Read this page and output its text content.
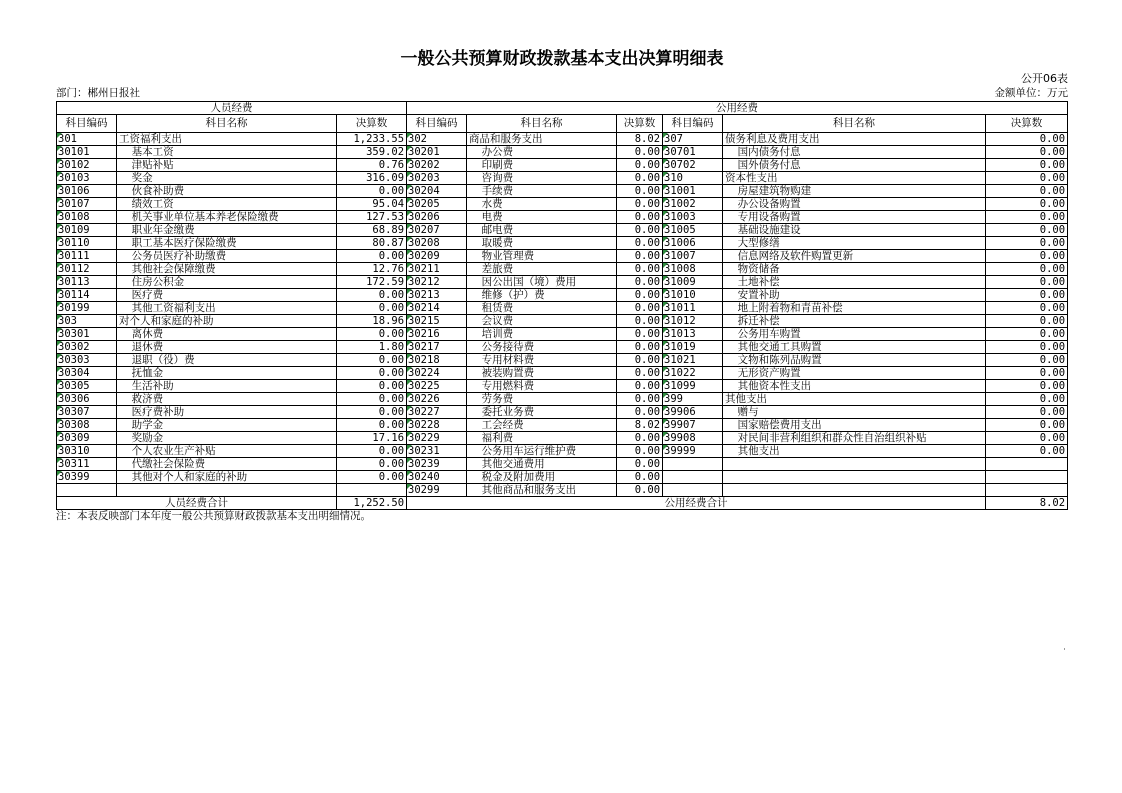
一般公共预算财政拨款基本支出决算明细表
公开06表
部门：郴州日报社	金额单位：万元
人员经费			公用经费					
科目编码	科目名称	决算数	科目编码	科目名称	决算数	科目编码	科目名称	决算数
301	工资福利支出	1,233.55	302	商品和服务支出	8.02	307	债务利息及费用支出	0.00
30101	基本工资	359.02	30201	办公费	0.00	30701	国内债务付息	0.00
30102	津贴补贴	0.76	30202	印刷费	0.00	30702	国外债务付息	0.00
30103	奖金	316.09	30203	咨询费	0.00	310	资本性支出	0.00
30106	伙食补助费	0.00	30204	手续费	0.00	31001	房屋建筑物购建	0.00
30107	绩效工资	95.04	30205	水费	0.00	31002	办公设备购置	0.00
30108	机关事业单位基本养老保险缴费	127.53	30206	电费	0.00	31003	专用设备购置	0.00
30109	职业年金缴费	68.89	30207	邮电费	0.00	31005	基础设施建设	0.00
30110	职工基本医疗保险缴费	80.87	30208	取暖费	0.00	31006	大型修缮	0.00
30111	公务员医疗补助缴费	0.00	30209	物业管理费	0.00	31007	信息网络及软件购置更新	0.00
30112	其他社会保障缴费	12.76	30211	差旅费	0.00	31008	物资储备	0.00
30113	住房公积金	172.59	30212	因公出国（境）费用	0.00	31009	土地补偿	0.00
30114	医疗费	0.00	30213	维修（护）费	0.00	31010	安置补助	0.00
30199	其他工资福利支出	0.00	30214	租赁费	0.00	31011	地上附着物和青苗补偿	0.00
303	对个人和家庭的补助	18.96	30215	会议费	0.00	31012	拆迁补偿	0.00
30301	离休费	0.00	30216	培训费	0.00	31013	公务用车购置	0.00
30302	退休费	1.80	30217	公务接待费	0.00	31019	其他交通工具购置	0.00
30303	退职（役）费	0.00	30218	专用材料费	0.00	31021	文物和陈列品购置	0.00
30304	抚恤金	0.00	30224	被装购置费	0.00	31022	无形资产购置	0.00
30305	生活补助	0.00	30225	专用燃料费	0.00	31099	其他资本性支出	0.00
30306	救济费	0.00	30226	劳务费	0.00	399	其他支出	0.00
30307	医疗费补助	0.00	30227	委托业务费	0.00	39906	赠与	0.00
30308	助学金	0.00	30228	工会经费	8.02	39907	国家赔偿费用支出	0.00
30309	奖励金	17.16	30229	福利费	0.00	39908	对民间非营利组织和群众性自治组织补贴	0.00
30310	个人农业生产补贴	0.00	30231	公务用车运行维护费	0.00	39999	其他支出	0.00
30311	代缴社会保险费	0.00	30239	其他交通费用	0.00			
30399	其他对个人和家庭的补助	0.00	30240	税金及附加费用	0.00			
			30299	其他商品和服务支出	0.00			
人员经费合计		1,252.50	公用经费合计					8.02
注：本表反映部门本年度一般公共预算财政拨款基本支出明细情况。
